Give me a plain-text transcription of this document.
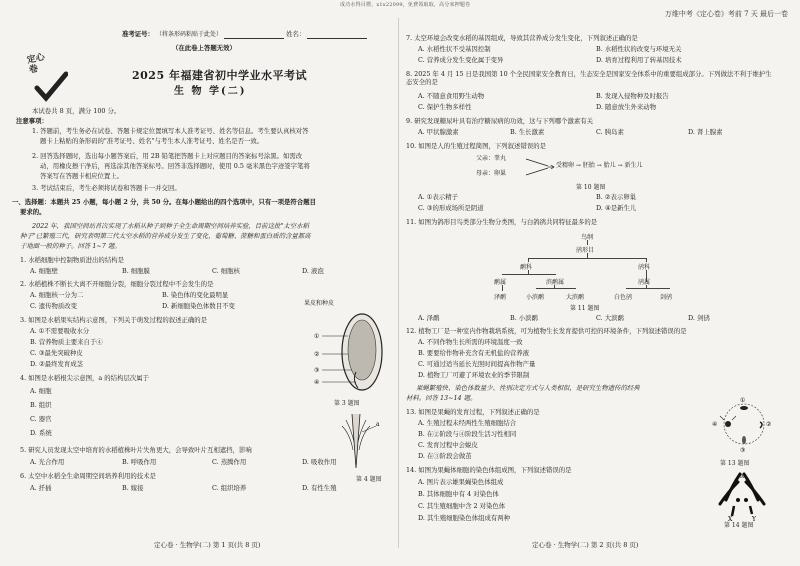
成功水得目標，x1x22099，免費領取取，高分來押題卷
万维中考《定心卷》考前 7 天 最后一卷
准考证号： （将条形码粘贴于此处）	姓名：
（在此卷上答题无效）
定心
卷	2025 年福建省初中学业水平考试
生 物 学(二)
本试卷共 8 页，满分 100 分。
注意事项：
1. 答题前，考生务必在试卷、答题卡规定位置填写本人准考证号、姓名等信息。考生要认真核对答
题卡上粘贴的条形码的"准考证号、姓名"与考生本人准考证号、姓名是否一致。
2. 回答选择题时，选出每小题答案后，用 2B 铅笔把答题卡上对应题目的答案标号涂黑。如需改
动，用橡皮擦干净后，再选涂其他答案标号。回答非选择题时，使用 0.5 毫米黑色字迹签字笔将
答案写在答题卡相应位置上。
3. 考试结束后，考生必须将试卷和答题卡一并交回。
一、选择题：本题共 25 小题，每小题 2 分，共 50 分。在每小题给出的四个选项中，只有一项是符合题目
要求的。
2022 年，我国空间站首次实现了水稻从种子到种子全生命周期空间培养实验，目前这批"太空水稻
种子"已繁殖三代，研究表明第三代太空水稻的营养成分发生了变化，葡萄糖、蔗糖和蛋白质的含量都高
于地面一般的种子。回答 1~7 题。
1. 水稻细胞中控制物质进出的结构是
A. 细胞壁	B. 细胞膜	C. 细胞核	D. 液泡
2. 水稻植株不断长大离不开细胞分裂，细胞分裂过程中不会发生的是
A. 细胞核一分为二	B. 染色体的变化最明显
C. 遗传物质改变	D. 新细胞染色体数目不变
3. 如图是水稻果实结构示意图，下列关于萌发过程的叙述正确的是
A. ①不需要吸收水分
B. 营养物质主要来自于④
C. ③最先突破种皮
D. ②最终发育成茎
4. 如图是水稻根尖示意图，a 的结构层次属于
A. 细胞
B. 组织
C. 器官
D. 系统
5. 研究人员发现太空中培育的水稻植株叶片失角更大，会导致叶片互相遮挡，影响
A. 光合作用	B. 呼吸作用	C. 蒸腾作用	D. 吸收作用
6. 太空中水稻全生命周期空间培养利用的技术是
A. 扦插	B. 嫁接	C. 组织培养	D. 有性生殖
果皮和种皮
①
②
③
④
第 3 题图
a
第 4 题图
定心卷 · 生物学(二) 第 1 页(共 8 页)
7. 太空环境会改变水稻的基因组成，导致其营养成分发生变化，下列叙述正确的是
A. 水稻性状不受基因控制	B. 水稻性状的改变与环境无关
C. 营养成分发生变化属于变异	D. 培育过程利用了转基因技术
8. 2025 年 4 月 15 日是我国第 10 个全民国家安全教育日，生态安全是国家安全体系中的重要组成部分。下列做法不利于维护生态安全的是
A. 不随意食用野生动物	B. 发现入侵物种及时报告
C. 保护生物多样性	D. 随意放生外来动物
9. 研究发现糖尿叶具有治疗糖尿病的功效，这与下列哪个激素有关
A. 甲状腺激素	B. 生长激素	C. 胰岛素	D. 肾上腺素
10. 如图是人的生殖过程简图，下列叙述错误的是
父亲：睾丸
母亲：卵巢
受精卵 → 胚胎 → 胎儿 → 新生儿
第 10 题图
A. ①表示精子	B. ②表示卵巢
C. ③的形成场所是阴道	D. ④是新生儿
11. 如图为鸽形目鸟类部分生物分类图，与白鸽鹆共同特征最多的是
鸟纲
鸻形目
鹬科	鸻科
鹬属	滨鹬属	鸻属
泽鹬	小滨鹬	大滨鹬	白色鸻	剑鸻
第 11 题图
A. 泽鹬	B. 小滨鹬	C. 大滨鹬	D. 剑鸻
12. 植物工厂是一种室内作物栽培系统，可为植物生长发育提供可控的环境条件，下列叙述错误的是
A. 不同作物生长所需的环境温度一致
B. 要要给作物补充含有无机盐的营养液
C. 可通过适当延长光照时间提高作物产量
D. 植物工厂可避了环境农业的季节限制
果蝇繁殖快、染色体数量少、性别决定方式与人类相似，是研究生物遗传的经典
材料。回答 13~14 题。
13. 如图是果蝇的发育过程，下列叙述正确的是
A. 生殖过程未经两性生殖细胞结合
B. 在②阶段与④阶段生活习性相同
C. 发育过程中会蜕皮
D. 在③阶段会做茧
14. 如图为果蝇体细胞的染色体组成图，下列叙述错误的是
A. 图片表示雄果蝇染色体组成
B. 其体细胞中有 4 对染色体
C. 其生殖细胞中含 2 对染色体
D. 其生殖细胞染色体组成有两种
①
②
③
④
第 13 题图
X	Y
Ⅳ
第 14 题图
定心卷 · 生物学(二) 第 2 页(共 8 页)
